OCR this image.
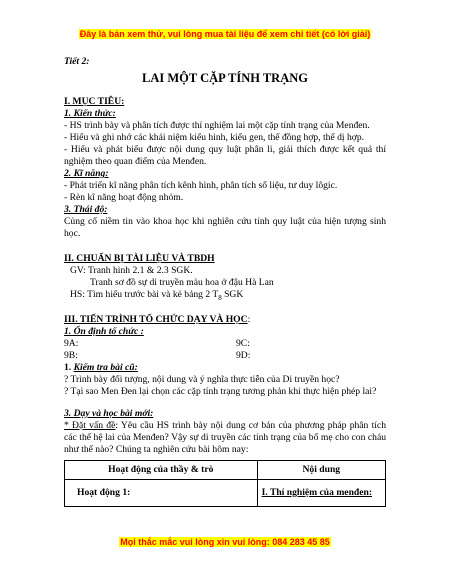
Đây là bản xem thử, vui lòng mua tài liệu để xem chi tiết (có lời giải)
Tiết 2:
LAI MỘT CẶP TÍNH TRẠNG
I. MỤC TIÊU:
1. Kiến thức:
- HS trình bày và phân tích được thí nghiệm lai một cặp tính trạng của Menđen.
- Hiểu và ghi nhớ các khái niệm kiểu hình, kiểu gen, thể đồng hợp, thể dị hợp.
- Hiểu và phát biểu được nội dung quy luật phân li, giải thích được kết quả thí nghiệm theo quan điểm của Menđen.
2. Kĩ năng:
- Phát triển kĩ năng phân tích kênh hình, phân tích số liệu, tư duy lôgic.
- Rèn kĩ năng hoạt động nhóm.
3. Thái độ:
Củng cố niềm tin vào khoa học khi nghiên cứu tính quy luật của hiện tượng sinh học.
II. CHUẨN BỊ TÀI LIỆU VÀ TBDH
GV: Tranh hình 2.1 & 2.3 SGK.
Tranh sơ đồ sự di truyền màu hoa ở đậu Hà Lan
HS: Tìm hiểu trước bài và kẻ bảng 2 $T_8$ SGK
III. TIẾN TRÌNH TỔ CHỨC DẠY VÀ HỌC:
1. Ổn định tổ chức :
9A:	9C:
9B:	9D:
1. Kiểm tra bài cũ:
? Trình bày đối tượng, nội dung và ý nghĩa thực tiễn của Di truyền học?
? Tại sao Men Đen lại chọn các cặp tính trạng tương phản khi thực hiện phép lai?
3. Dạy và học bài mới:
* Đặt vấn đề: Yêu cầu HS trình bày nội dung cơ bản của phương pháp phân tích các thế hệ lai của Menđen? Vậy sự di truyền các tính trạng của bố mẹ cho con cháu như thế nào? Chúng ta nghiên cứu bài hôm nay:
Hoạt động của thầy & trò	Nội dung
Hoạt động 1:	I. Thí nghiệm của menđen:
Mọi thắc mắc vui lòng xin vui lòng: 084 283 45 85
